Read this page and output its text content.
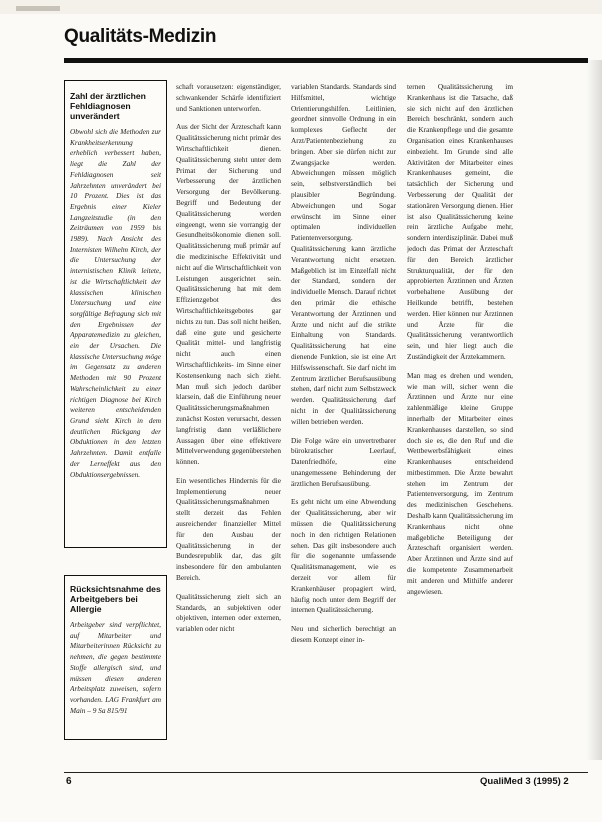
Qualitäts-Medizin
Zahl der ärztlichen Fehldiagnosen unverändert

Obwohl sich die Methoden zur Krankheitserkennung erheblich verbessert haben, liegt die Zahl der Fehldiagnosen seit Jahrzehnten unverändert bei 10 Prozent. Dies ist das Ergebnis einer Kieler Langzeitstudie (in den Zeiträumen von 1959 bis 1989). Nach Ansicht des Internisten Wilhelm Kirch, der die Untersuchung der internistischen Klinik leitete, ist die Wirtschaftlichkeit der klassischen klinischen Untersuchung und eine sorgfältige Befragung sich mit den Ergebnissen der Apparatemedizin zu gleichen, ein der Ursachen. Die klassische Untersuchung möge im Gegensatz zu anderen Methoden mit 90 Prozent Wahrscheinlichkeit zu einer richtigen Diagnose bei Kirch weiteren entscheidenden Grund sieht Kirch in dem deutlichen Rückgang der Obduktionen in den letzten Jahrzehnten. Damit entfalle der Lerneffekt aus den Obduktionsergebnissen.

Rücksichtsnahme des Arbeitgebers bei Allergie

Arbeitgeber sind verpflichtet, auf Mitarbeiter und Mitarbeiterinnen Rücksicht zu nehmen, die gegen bestimmte Stoffe allergisch sind, und müssen diesen anderen Arbeitsplatz zuweisen, sofern vorhanden. LAG Frankfurt am Main – 9 Sa 815/91

schaft vorausetzen: eigenständiger, schwankender Schärfe identifiziert und Sanktionen unterworfen.

Aus der Sicht der Ärzteschaft kann Qualitätssicherung nicht primär des Wirtschaftlichkeit dienen. Qualitätssicherung steht unter dem Primat der Sicherung und Verbesserung der ärztlichen Versorgung der Bevölkerung. Begriff und Bedeutung der Qualitätssicherung werden eingeengt, wenn sie vorrangig der Gesundheitsökonomie dienen soll. Qualitätssicherung muß primär auf die medizinische Effektivität und nicht auf die Wirtschaftlichkeit von Leistungen ausgerichtet sein. Qualitätssicherung hat mit dem Effizienzgebot des Wirtschaftlichkeitsgebotes gar nichts zu tun. Das soll nicht heißen, daß eine gute und gesicherte Qualität mittel- und langfristig nicht auch einen Wirtschaftlichkeits- im Sinne einer Kostensenkung nach sich zieht. Man muß sich jedoch darüber klarsein, daß die Einführung neuer Qualitätssicherungsmaßnahmen zunächst Kosten verursacht, dessen langfristig dann verläßlichere Aussagen über eine effektivere Mittelverwendung gegenüberstehen können.

Ein wesentliches Hindernis für die Implementierung neuer Qualitätssicherungsmaßnahmen stellt derzeit das Fehlen ausreichender finanzieller Mittel für den Ausbau der Qualitätssicherung in der Bundesrepublik dar, das gilt insbesondere für den ambulanten Bereich.

Qualitätssicherung zielt sich an Standards, an subjektiven oder objektiven, internen oder externen, variablen oder nicht

variablen Standards. Standards sind Hilfsmittel, wichtige Orientierungshilfen. Leitlinien, geordnet sinnvolle Ordnung in ein komplexes Geflecht der Arzt/Patientenbeziehung zu bringen. Aber sie dürfen nicht zur Zwangsjacke werden. Abweichungen müssen möglich sein, selbstverständlich bei plausibler Begründung. Abweichungen und Sogar erwünscht im Sinne einer optimalen individuellen Patientenversorgung. Qualitätssicherung kann ärztliche Verantwortung nicht ersetzen. Maßgeblich ist im Einzelfall nicht der Standard, sondern der individuelle Mensch. Darauf richtet den primär die ethische Verantwortung der Ärztinnen und Ärzte und nicht auf die strikte Einhaltung von Standards. Qualitätssicherung hat eine dienende Funktion, sie ist eine Art Hilfswissenschaft. Sie darf nicht im Zentrum ärztlicher Berufsausübung stehen, darf nicht zum Selbstzweck werden. Qualitätssicherung darf nicht in der Qualitätssicherung willen betrieben werden.

Die Folge wäre ein unvertretbarer bürokratischer Leerlauf, Datenfriedhöfe, eine unangemessene Behinderung der ärztlichen Berufsausübung.

Es geht nicht um eine Abwendung der Qualitätssicherung, aber wir müssen die Qualitätssicherung noch in den richtigen Relationen sehen. Das gilt insbesondere auch für die sogenannte umfassende Qualitätsmanagement, wie es derzeit vor allem für Krankenhäuser propagiert wird, häufig noch unter dem Begriff der internen Qualitätssicherung.

Neu und sicherlich berechtigt an diesem Konzept einer in-

ternen Qualitätssicherung im Krankenhaus ist die Tatsache, daß sie sich nicht auf den ärztlichen Bereich beschränkt, sondern auch die Krankenpflege und die gesamte Organisation eines Krankenhauses einbezieht. Im Grunde sind alle Aktivitäten der Mitarbeiter eines Krankenhauses gemeint, die tatsächlich der Sicherung und Verbesserung der Qualität der stationären Versorgung dienen. Hier ist also Qualitätssicherung keine rein ärztliche Aufgabe mehr, sondern interdisziplinär. Dabei muß jedoch das Primat der Ärzteschaft für den Bereich ärztlicher Strukturqualität, der für den approbierten Ärztinnen und Ärzten vorbehaltene Ausübung der Heilkunde betrifft, bestehen werden. Hier können nur Ärztinnen und Ärzte für die Qualitätssicherung verantwortlich sein, und hier liegt auch die Zuständigkeit der Ärztekammern.

Man mag es drehen und wenden, wie man will, sicher wenn die Ärztinnen und Ärzte nur eine zahlenmäßige kleine Gruppe innerhalb der Mitarbeiter eines Krankenhauses darstellen, so sind doch sie es, die den Ruf und die Wettbewerbsfähigkeit eines Krankenhauses entscheidend mitbestimmen. Die Ärzte bewahrt stehen im Zentrum der Patientenversorgung, im Zentrum des medizinischen Geschehens. Deshalb kann Qualitätssicherung im Krankenhaus nicht ohne maßgebliche Beteiligung der Ärzteschaft organisiert werden. Aber Ärztinnen und Ärzte sind auf die kompetente Zusammenarbeit mit anderen und Mithilfe anderer angewiesen.

6	QualiMed 3 (1995) 2
